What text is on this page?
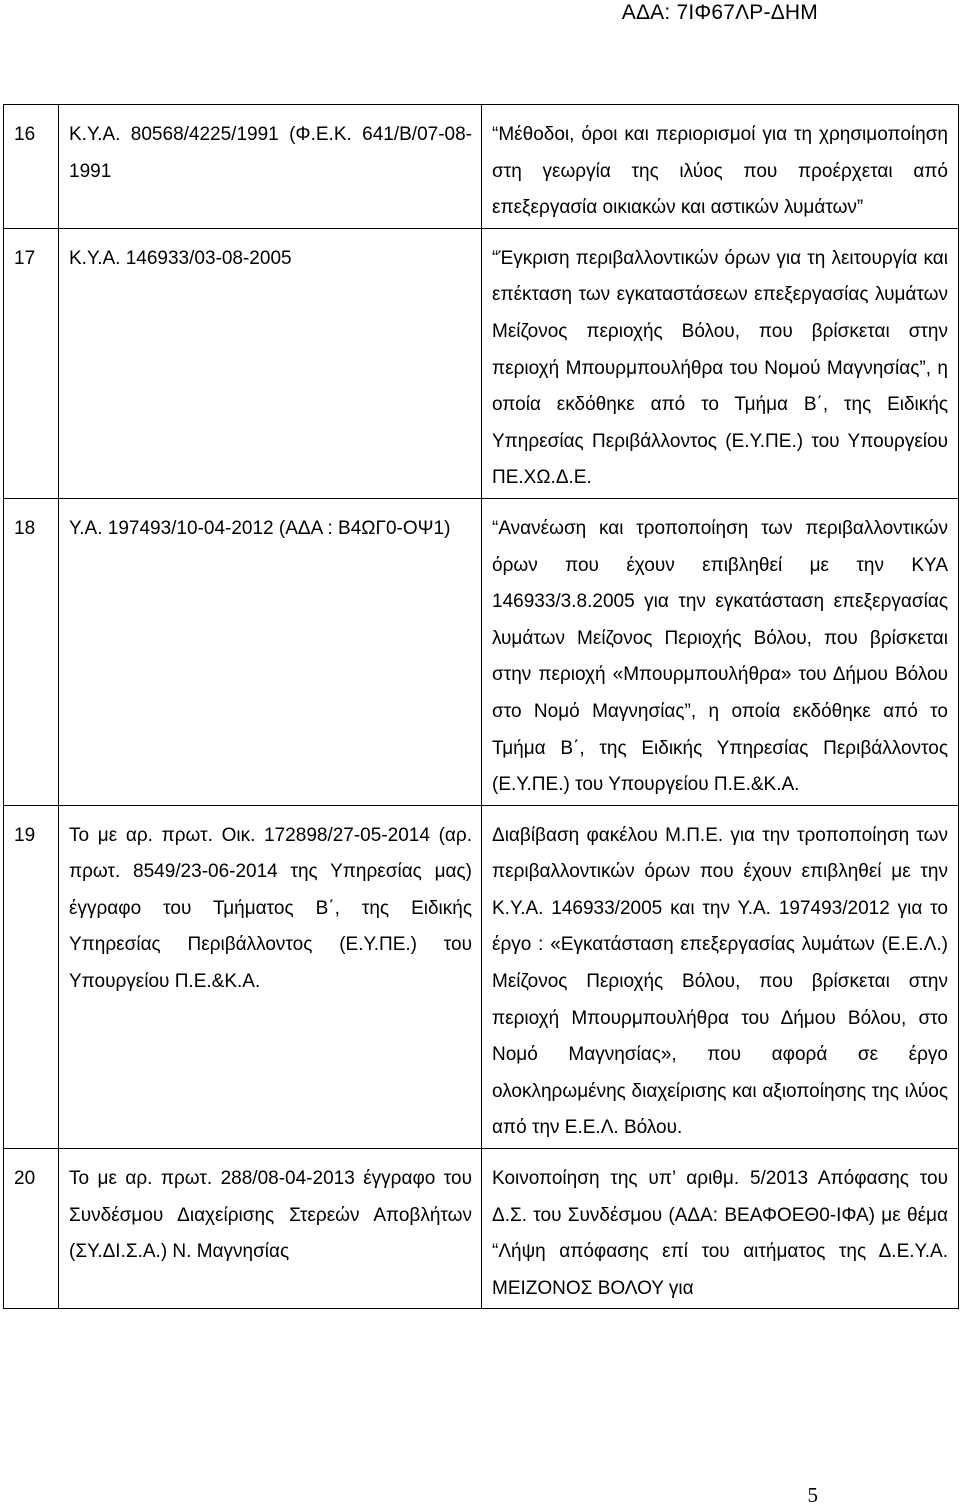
ΑΔΑ: 7ΙΦ67ΛΡ-ΔΗΜ
16	Κ.Υ.Α. 80568/4225/1991 (Φ.Ε.Κ. 641/Β/07-08-1991	“Μέθοδοι, όροι και περιορισμοί για τη χρησιμοποίηση στη γεωργία της ιλύος που προέρχεται από επεξεργασία οικιακών και αστικών λυμάτων”

17	Κ.Υ.Α. 146933/03-08-2005	“Έγκριση περιβαλλοντικών όρων για τη λειτουργία και επέκταση των εγκαταστάσεων επεξεργασίας λυμάτων Μείζονος περιοχής Βόλου, που βρίσκεται στην περιοχή Μπουρμπουλήθρα του Νομού Μαγνησίας”, η οποία εκδόθηκε από το Τμήμα Β΄, της Ειδικής Υπηρεσίας Περιβάλλοντος (Ε.Υ.ΠΕ.) του Υπουργείου ΠΕ.ΧΩ.Δ.Ε.

18	Υ.Α. 197493/10-04-2012 (ΑΔΑ : Β4ΩΓ0-ΟΨ1)	“Ανανέωση και τροποποίηση των περιβαλλοντικών όρων που έχουν επιβληθεί με την ΚΥΑ 146933/3.8.2005 για την εγκατάσταση επεξεργασίας λυμάτων Μείζονος Περιοχής Βόλου, που βρίσκεται στην περιοχή «Μπουρμπουλήθρα» του Δήμου Βόλου στο Νομό Μαγνησίας”, η οποία εκδόθηκε από το Τμήμα Β΄, της Ειδικής Υπηρεσίας Περιβάλλοντος (Ε.Υ.ΠΕ.) του Υπουργείου Π.Ε.&Κ.Α.

19	Το με αρ. πρωτ. Οικ. 172898/27-05-2014 (αρ. πρωτ. 8549/23-06-2014 της Υπηρεσίας μας) έγγραφο του Τμήματος Β΄, της Ειδικής Υπηρεσίας Περιβάλλοντος (Ε.Υ.ΠΕ.) του Υπουργείου Π.Ε.&Κ.Α.	Διαβίβαση φακέλου Μ.Π.Ε. για την τροποποίηση των περιβαλλοντικών όρων που έχουν επιβληθεί με την Κ.Υ.Α. 146933/2005 και την Υ.Α. 197493/2012 για το έργο : «Εγκατάσταση επεξεργασίας λυμάτων (Ε.Ε.Λ.) Μείζονος Περιοχής Βόλου, που βρίσκεται στην περιοχή Μπουρμπουλήθρα του Δήμου Βόλου, στο Νομό Μαγνησίας», που αφορά σε έργο ολοκληρωμένης διαχείρισης και αξιοποίησης της ιλύος από την Ε.Ε.Λ. Βόλου.

20	Το με αρ. πρωτ. 288/08-04-2013 έγγραφο του Συνδέσμου Διαχείρισης Στερεών Αποβλήτων (ΣΥ.ΔΙ.Σ.Α.) Ν. Μαγνησίας	Κοινοποίηση της υπ’ αριθμ. 5/2013 Απόφασης του Δ.Σ. του Συνδέσμου (ΑΔΑ: ΒΕΑΦΟΕΘ0-ΙΦΑ) με θέμα “Λήψη απόφασης επί του αιτήματος της Δ.Ε.Υ.Α. ΜΕΙΖΟΝΟΣ ΒΟΛΟΥ για
5
